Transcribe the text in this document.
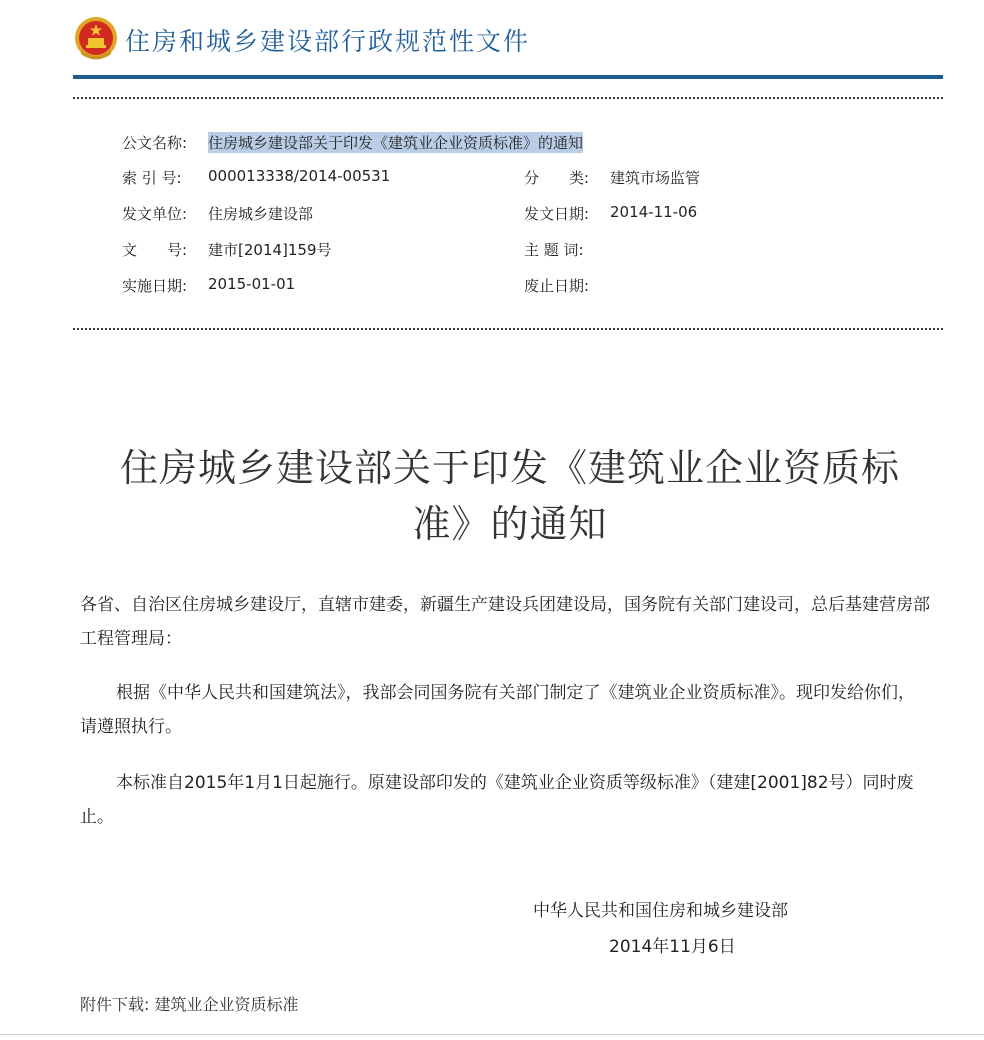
住房和城乡建设部行政规范性文件
公文名称: 住房城乡建设部关于印发《建筑业企业资质标准》的通知
索 引 号: 000013338/2014-00531	分　　类: 建筑市场监管
发文单位: 住房城乡建设部	发文日期: 2014-11-06
文　　号: 建市[2014]159号	主 题 词:
实施日期: 2015-01-01	废止日期:
住房城乡建设部关于印发《建筑业企业资质标
准》的通知
各省、自治区住房城乡建设厅，直辖市建委，新疆生产建设兵团建设局，国务院有关部门建设司，总后基建营房部工程管理局：
根据《中华人民共和国建筑法》，我部会同国务院有关部门制定了《建筑业企业资质标准》。现印发给你们，请遵照执行。
本标准自2015年1月1日起施行。原建设部印发的《建筑业企业资质等级标准》（建建[2001]82号）同时废止。
中华人民共和国住房和城乡建设部
2014年11月6日
附件下载: 建筑业企业资质标准
